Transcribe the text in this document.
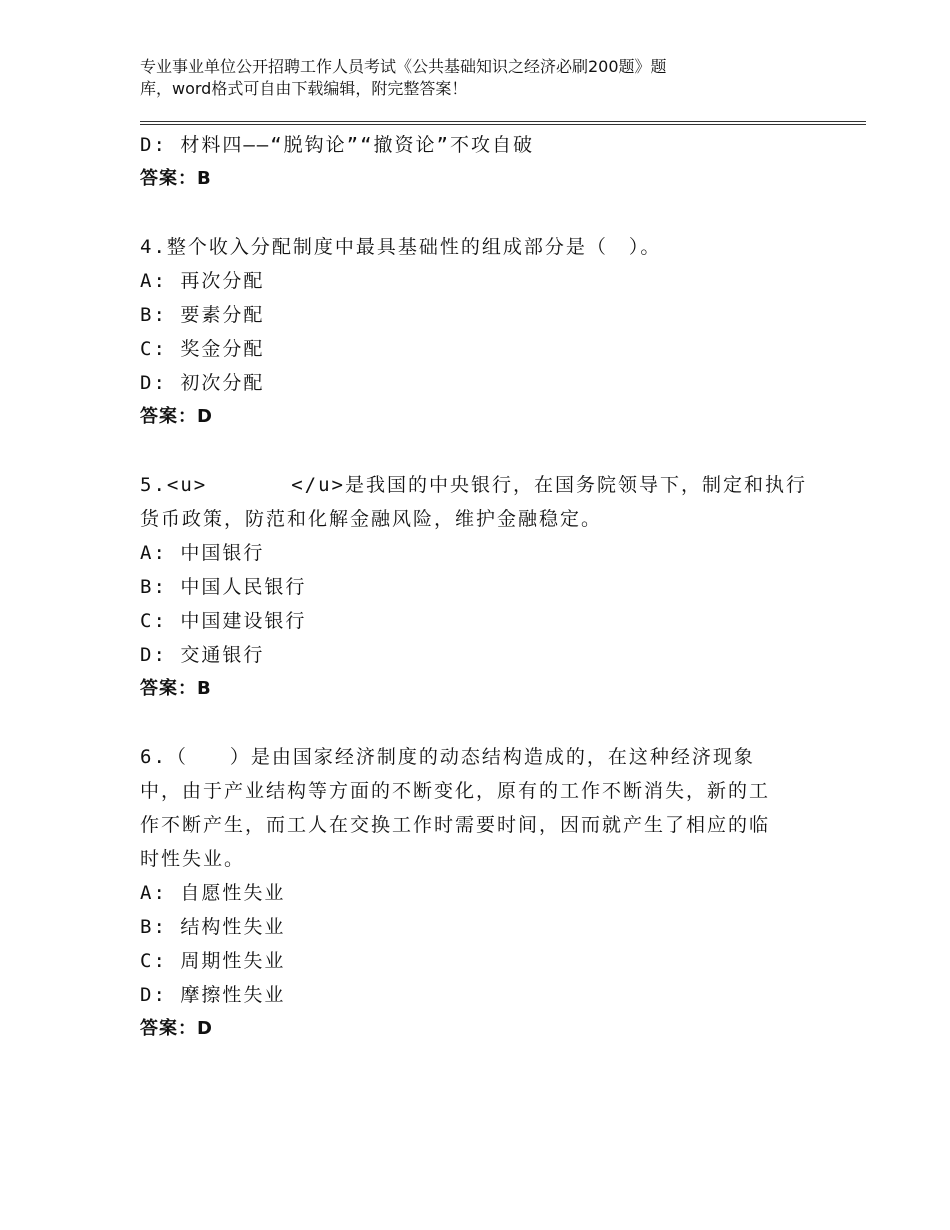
专业事业单位公开招聘工作人员考试《公共基础知识之经济必刷200题》题
库，word格式可自由下载编辑，附完整答案！
D: 材料四——“脱钩论”“撤资论”不攻自破
答案：B
4.整个收入分配制度中最具基础性的组成部分是（　）。
A: 再次分配
B: 要素分配
C: 奖金分配
D: 初次分配
答案：D
5.<u>　　　　</u>是我国的中央银行，在国务院领导下，制定和执行
货币政策，防范和化解金融风险，维护金融稳定。
A: 中国银行
B: 中国人民银行
C: 中国建设银行
D: 交通银行
答案：B
6.（　　）是由国家经济制度的动态结构造成的，在这种经济现象
中，由于产业结构等方面的不断变化，原有的工作不断消失，新的工
作不断产生，而工人在交换工作时需要时间，因而就产生了相应的临
时性失业。
A: 自愿性失业
B: 结构性失业
C: 周期性失业
D: 摩擦性失业
答案：D
